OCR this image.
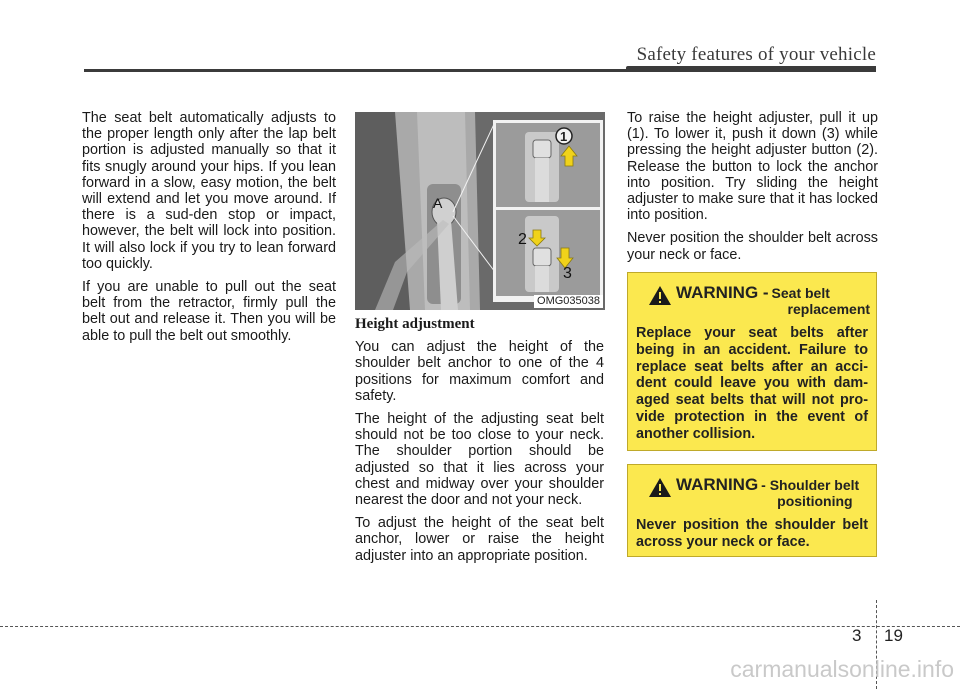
Safety features of your vehicle

The seat belt automatically adjusts to the proper length only after the lap belt portion is adjusted manually so that it fits snugly around your hips. If you lean forward in a slow, easy motion, the belt will extend and let you move around. If there is a sud-den stop or impact, however, the belt will lock into position. It will also lock if you try to lean forward too quickly.

If you are unable to pull out the seat belt from the retractor, firmly pull the belt out and release it. Then you will be able to pull the belt out smoothly.

A
1
2
3
OMG035038
Height adjustment

You can adjust the height of the shoulder belt anchor to one of the 4 positions for maximum comfort and safety.

The height of the adjusting seat belt should not be too close to your neck. The shoulder portion should be adjusted so that it lies across your chest and midway over your shoulder nearest the door and not your neck.

To adjust the height of the seat belt anchor, lower or raise the height adjuster into an appropriate position.

To raise the height adjuster, pull it up (1). To lower it, push it down (3) while pressing the height adjuster button (2). Release the button to lock the anchor into position. Try sliding the height adjuster to make sure that it has locked into position.

Never position the shoulder belt across your neck or face.

WARNING - Seat belt
replacement
Replace your seat belts after being in an accident. Failure to replace seat belts after an acci-dent could leave you with dam-aged seat belts that will not pro-vide protection in the event of another collision.
WARNING - Shoulder belt
positioning
Never position the shoulder belt across your neck or face.
3 19
carmanualsonline.info
